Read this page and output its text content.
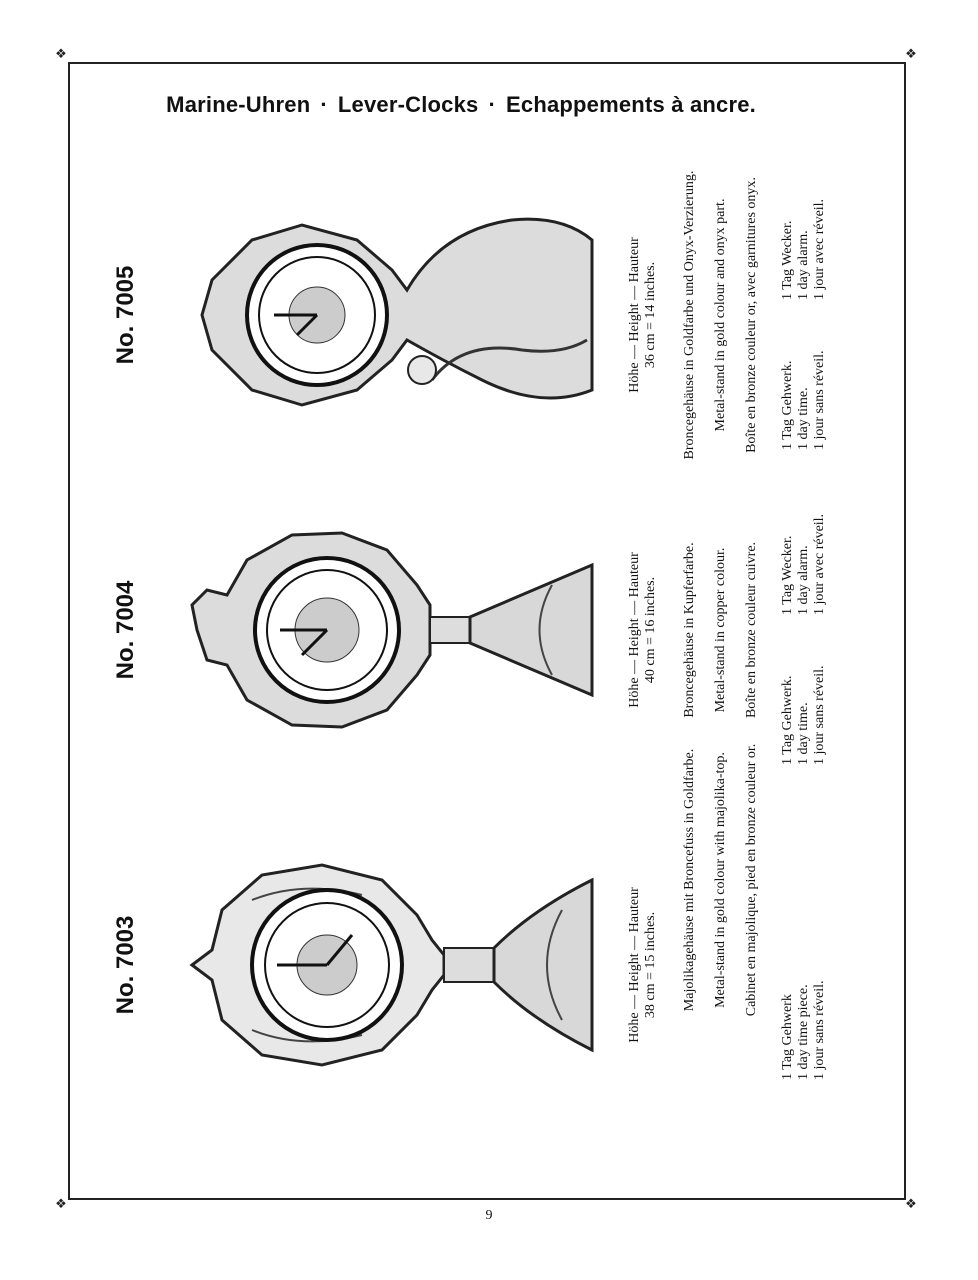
❖	❖
❖	❖
Marine-Uhren · Lever-Clocks · Echappements à ancre.
No. 7003	Höhe — Height — Hauteur 38 cm = 15 inches. Majolikagehäuse mit Broncefuss in Goldfarbe. Metal-stand in gold colour with majolika-top. Cabinet en majolique, pied en bronze couleur or.
1 Tag Gehwerk 1 day time piece. 1 jour sans réveil.
No. 7004	Höhe — Height — Hauteur 40 cm = 16 inches. Broncegehäuse in Kupferfarbe. Metal-stand in copper colour. Boîte en bronze couleur cuivre.
1 Tag Gehwerk. 1 day time. 1 jour sans réveil.
1 Tag Wecker. 1 day alarm. 1 jour avec réveil.
No. 7005	Höhe — Height — Hauteur 36 cm = 14 inches. Broncegehäuse in Goldfarbe und Onyx-Verzierung. Metal-stand in gold colour and onyx part. Boîte en bronze couleur or, avec garnitures onyx. 1 Tag Gehwerk. 1 day time. 1 jour sans réveil.
1 Tag Wecker. 1 day alarm. 1 jour avec réveil.
9
